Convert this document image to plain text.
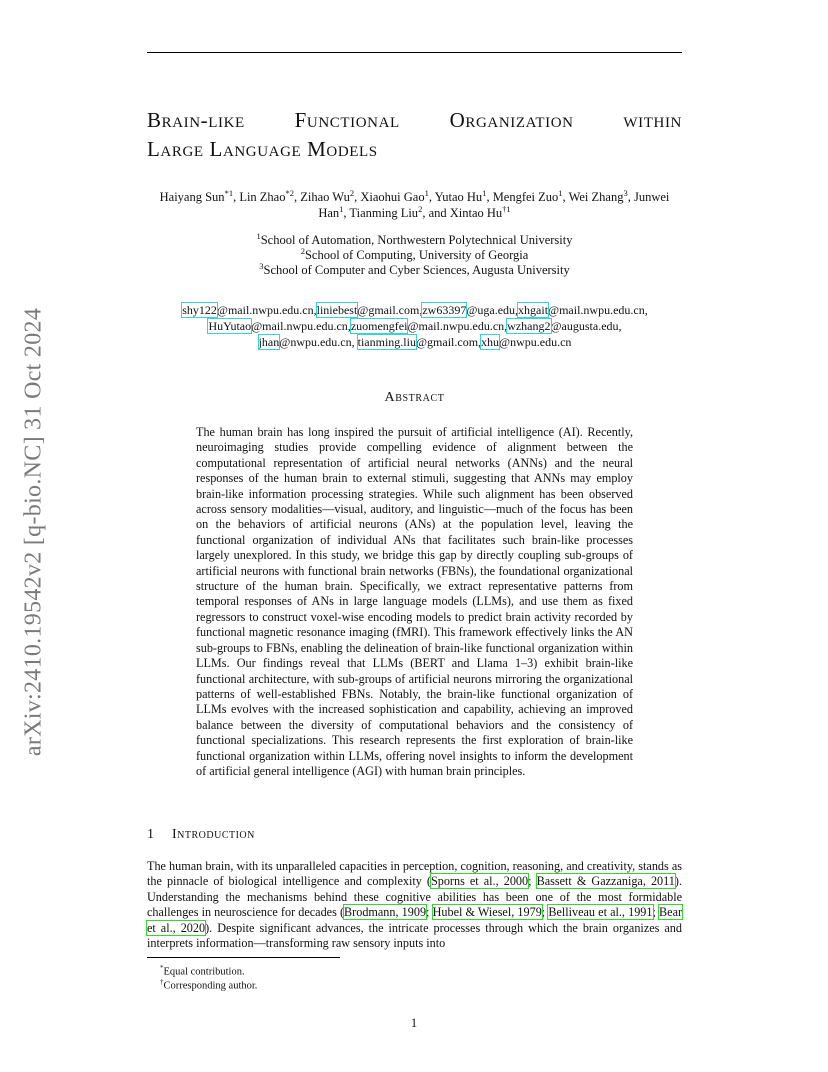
arXiv:2410.19542v2 [q-bio.NC] 31 Oct 2024
Brain-like Functional Organization within
Large Language Models
Haiyang Sun$^{*1}$, Lin Zhao$^{*2}$, Zihao Wu$^2$, Xiaohui Gao$^1$, Yutao Hu$^1$, Mengfei Zuo$^1$, Wei Zhang$^3$, Junwei Han$^1$, Tianming Liu$^2$, and Xintao Hu$^{\dagger 1}$
$^1$School of Automation, Northwestern Polytechnical University
$^2$School of Computing, University of Georgia
$^3$School of Computer and Cyber Sciences, Augusta University
shy122@mail.nwpu.edu.cn,liniebest@gmail.com,zw63397@uga.edu,xhgait@mail.nwpu.edu.cn,
HuYutao@mail.nwpu.edu.cn,zuomengfei@mail.nwpu.edu.cn,wzhang2@augusta.edu,
jhan@nwpu.edu.cn, tianming.liu@gmail.com,xhu@nwpu.edu.cn
Abstract
The human brain has long inspired the pursuit of artificial intelligence (AI). Recently, neuroimaging studies provide compelling evidence of alignment between the computational representation of artificial neural networks (ANNs) and the neural responses of the human brain to external stimuli, suggesting that ANNs may employ brain-like information processing strategies. While such alignment has been observed across sensory modalities—visual, auditory, and linguistic—much of the focus has been on the behaviors of artificial neurons (ANs) at the population level, leaving the functional organization of individual ANs that facilitates such brain-like processes largely unexplored. In this study, we bridge this gap by directly coupling sub-groups of artificial neurons with functional brain networks (FBNs), the foundational organizational structure of the human brain. Specifically, we extract representative patterns from temporal responses of ANs in large language models (LLMs), and use them as fixed regressors to construct voxel-wise encoding models to predict brain activity recorded by functional magnetic resonance imaging (fMRI). This framework effectively links the AN sub-groups to FBNs, enabling the delineation of brain-like functional organization within LLMs. Our findings reveal that LLMs (BERT and Llama 1–3) exhibit brain-like functional architecture, with sub-groups of artificial neurons mirroring the organizational patterns of well-established FBNs. Notably, the brain-like functional organization of LLMs evolves with the increased sophistication and capability, achieving an improved balance between the diversity of computational behaviors and the consistency of functional specializations. This research represents the first exploration of brain-like functional organization within LLMs, offering novel insights to inform the development of artificial general intelligence (AGI) with human brain principles.
1 Introduction
The human brain, with its unparalleled capacities in perception, cognition, reasoning, and creativity, stands as the pinnacle of biological intelligence and complexity (Sporns et al., 2000; Bassett & Gazzaniga, 2011). Understanding the mechanisms behind these cognitive abilities has been one of the most formidable challenges in neuroscience for decades (Brodmann, 1909; Hubel & Wiesel, 1979; Belliveau et al., 1991; Bear et al., 2020). Despite significant advances, the intricate processes through which the brain organizes and interprets information—transforming raw sensory inputs into
*Equal contribution.
†Corresponding author.
1
